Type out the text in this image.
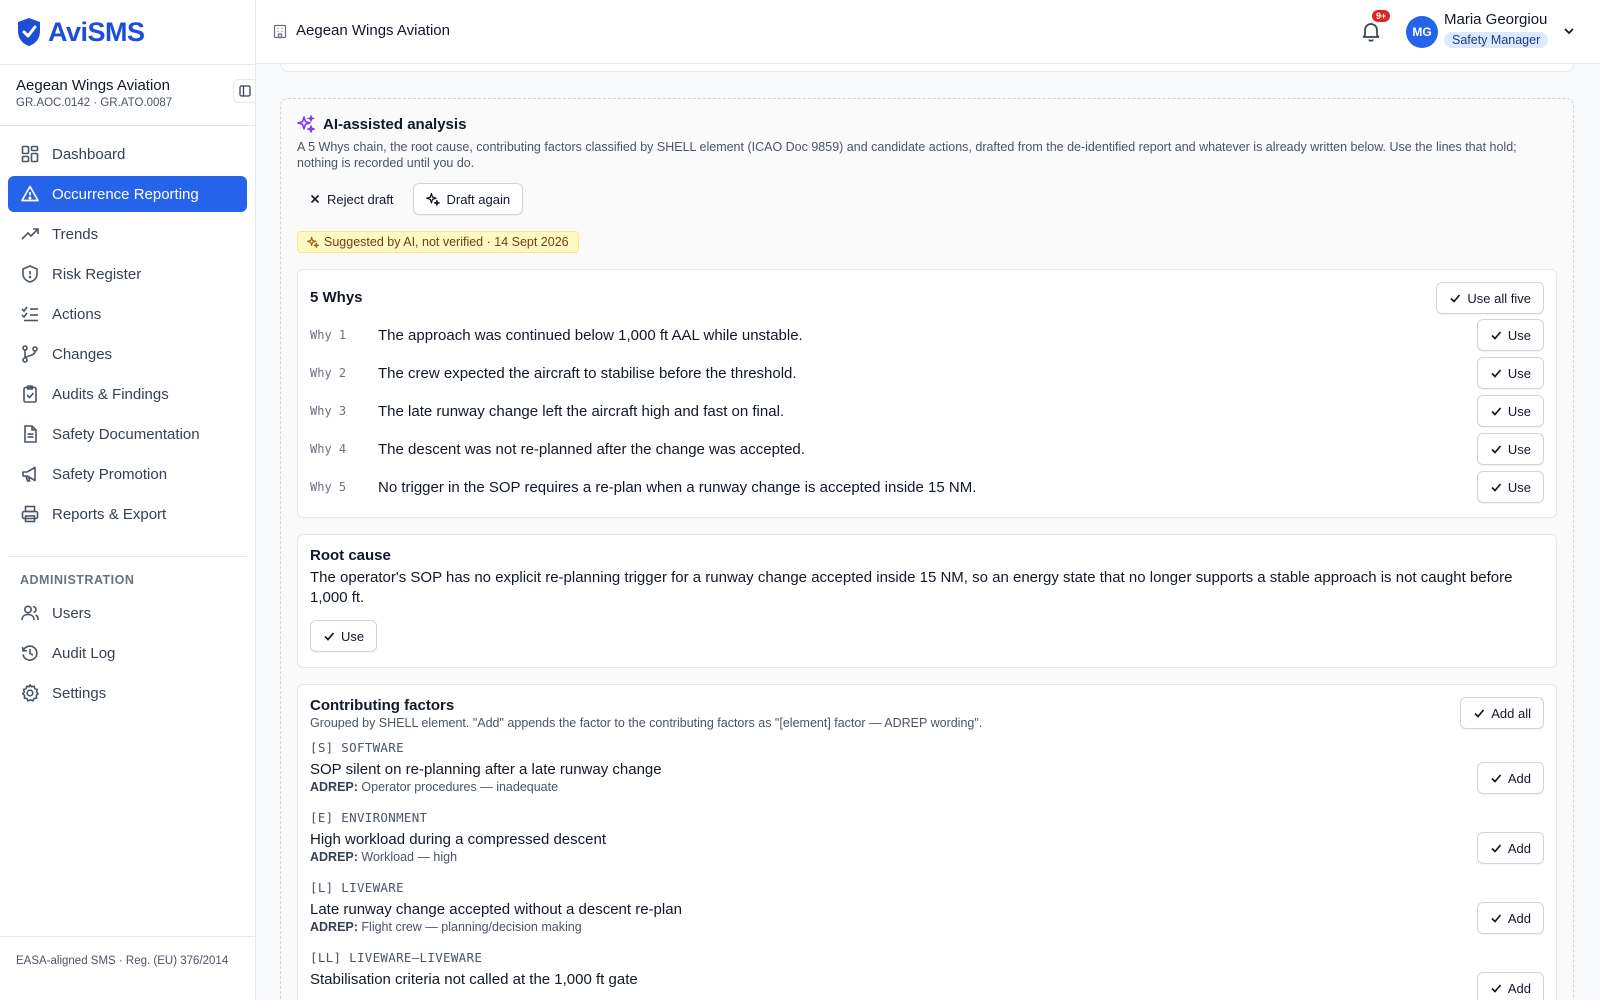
AviSMS
Aegean Wings Aviation
GR.AOC.0142 · GR.ATO.0087
Dashboard
Occurrence Reporting
Trends
Risk Register
Actions
Changes
Audits & Findings
Safety Documentation
Safety Promotion
Reports & Export
ADMINISTRATION
Users
Audit Log
Settings
EASA-aligned SMS · Reg. (EU) 376/2014
Aegean Wings Aviation
9+
MG
Maria Georgiou
Safety Manager
AI-assisted analysis
A 5 Whys chain, the root cause, contributing factors classified by SHELL element (ICAO Doc 9859) and candidate actions, drafted from the de-identified report and whatever is already written below. Use the lines that hold; nothing is recorded until you do.
Reject draft	Draft again
Suggested by AI, not verified · 14 Sept 2026
5 Whys	Use all five
Why 1	The approach was continued below 1,000 ft AAL while unstable.	Use
Why 2	The crew expected the aircraft to stabilise before the threshold.	Use
Why 3	The late runway change left the aircraft high and fast on final.	Use
Why 4	The descent was not re-planned after the change was accepted.	Use
Why 5	No trigger in the SOP requires a re-plan when a runway change is accepted inside 15 NM.	Use
Root cause
The operator's SOP has no explicit re-planning trigger for a runway change accepted inside 15 NM, so an energy state that no longer supports a stable approach is not caught before 1,000 ft.
Use
Contributing factors
Grouped by SHELL element. "Add" appends the factor to the contributing factors as "[element] factor — ADREP wording".
Add all
[S] SOFTWARE
SOP silent on re-planning after a late runway change
ADREP: Operator procedures — inadequate
Add
[E] ENVIRONMENT
High workload during a compressed descent
ADREP: Workload — high
Add
[L] LIVEWARE
Late runway change accepted without a descent re-plan
ADREP: Flight crew — planning/decision making
Add
[LL] LIVEWARE–LIVEWARE
Stabilisation criteria not called at the 1,000 ft gate	Add
